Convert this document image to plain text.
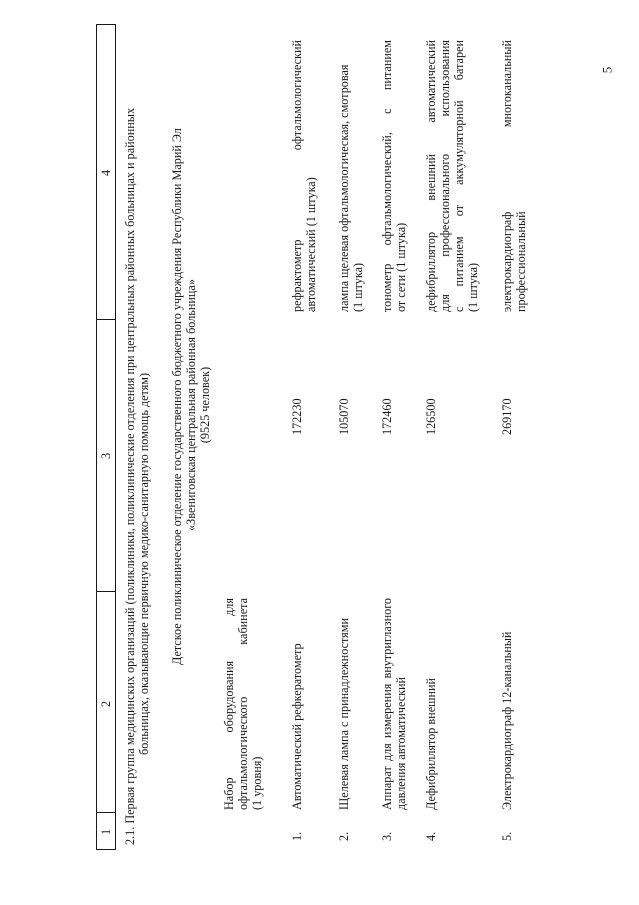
5
1
2
3
4 2.1. Первая группа медицинских организаций (поликлиники, поликлинические отделения при центральных районных больницах и районных больницах, оказывающие первичную медико-санитарную помощь детям) Детское поликлиническое отделение государственного бюджетного учреждения Республики Марий Эл «Звениговская центральная районная больница» (9525 человек)
Набор оборудования для офтальмологического кабинета (1 уровня)
1.
Автоматический рефкератометр
172230
рефрактометр офтальмологический автоматический (1 штука)
2.
Щелевая лампа с принадлежностями
105070
лампа щелевая офтальмологическая, смотровая (1 штука)
3.
Аппарат для измерения внутриглазного давления автоматический
172460
тонометр офтальмологический, с питанием от сети (1 штука)
4.
Дефибриллятор внешний
126500
дефибриллятор внешний автоматический для профессионального использования с питанием от аккумуляторной батареи (1 штука)
5.
Электрокардиограф 12-канальный
269170
электрокардиограф многоканальный профессиональный
